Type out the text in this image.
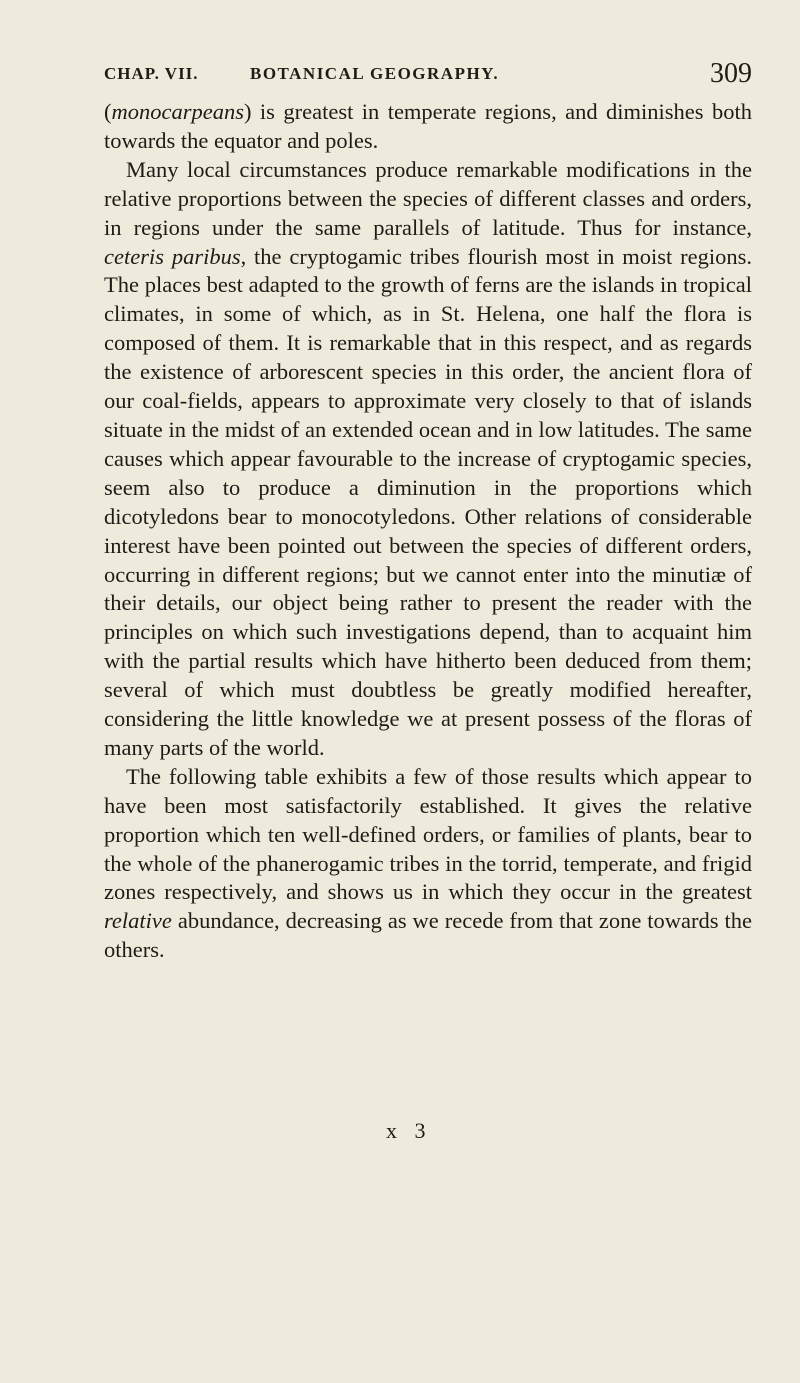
CHAP. VII.	BOTANICAL GEOGRAPHY.	309

(monocarpeans) is greatest in temperate regions, and diminishes both towards the equator and poles.

Many local circumstances produce remarkable modifications in the relative proportions between the species of different classes and orders, in regions under the same parallels of latitude. Thus for instance, ceteris paribus, the cryptogamic tribes flourish most in moist regions. The places best adapted to the growth of ferns are the islands in tropical climates, in some of which, as in St. Helena, one half the flora is composed of them. It is remarkable that in this respect, and as regards the existence of arborescent species in this order, the ancient flora of our coal-fields, appears to approximate very closely to that of islands situate in the midst of an extended ocean and in low latitudes. The same causes which appear favourable to the increase of cryptogamic species, seem also to produce a diminution in the proportions which dicotyledons bear to monocotyledons. Other relations of considerable interest have been pointed out between the species of different orders, occurring in different regions; but we cannot enter into the minutiæ of their details, our object being rather to present the reader with the principles on which such investigations depend, than to acquaint him with the partial results which have hitherto been deduced from them; several of which must doubtless be greatly modified hereafter, considering the little knowledge we at present possess of the floras of many parts of the world.

The following table exhibits a few of those results which appear to have been most satisfactorily established. It gives the relative proportion which ten well-defined orders, or families of plants, bear to the whole of the phanerogamic tribes in the torrid, temperate, and frigid zones respectively, and shows us in which they occur in the greatest relative abundance, decreasing as we recede from that zone towards the others.

x 3
